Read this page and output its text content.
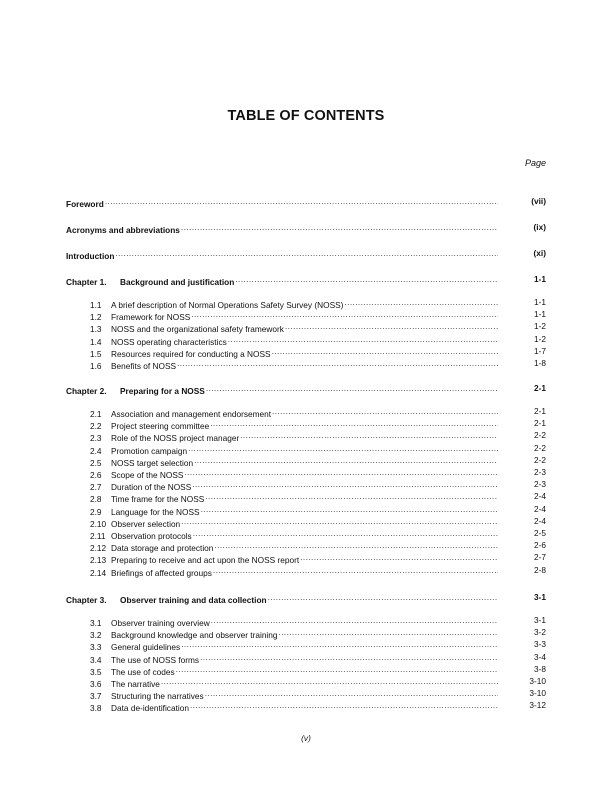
TABLE OF CONTENTS
Page
Foreword .....	(vii)
Acronyms and abbreviations .....	(ix)
Introduction .....	(xi)
Chapter 1.	Background and justification .....	1-1
1.1	A brief description of Normal Operations Safety Survey (NOSS) .....	1-1
1.2	Framework for NOSS .....	1-1
1.3	NOSS and the organizational safety framework .....	1-2
1.4	NOSS operating characteristics .....	1-2
1.5	Resources required for conducting a NOSS .....	1-7
1.6	Benefits of NOSS .....	1-8
Chapter 2.	Preparing for a NOSS .....	2-1
2.1	Association and management endorsement .....	2-1
2.2	Project steering committee .....	2-1
2.3	Role of the NOSS project manager .....	2-2
2.4	Promotion campaign .....	2-2
2.5	NOSS target selection .....	2-2
2.6	Scope of the NOSS .....	2-3
2.7	Duration of the NOSS .....	2-3
2.8	Time frame for the NOSS .....	2-4
2.9	Language for the NOSS .....	2-4
2.10 Observer selection .....	2-4
2.11 Observation protocols .....	2-5
2.12 Data storage and protection .....	2-6
2.13 Preparing to receive and act upon the NOSS report .....	2-7
2.14 Briefings of affected groups .....	2-8
Chapter 3.	Observer training and data collection .....	3-1
3.1	Observer training overview .....	3-1
3.2	Background knowledge and observer training .....	3-2
3.3	General guidelines .....	3-3
3.4	The use of NOSS forms .....	3-4
3.5	The use of codes .....	3-8
3.6	The narrative .....	3-10
3.7	Structuring the narratives .....	3-10
3.8	Data de-identification .....	3-12
(v)
